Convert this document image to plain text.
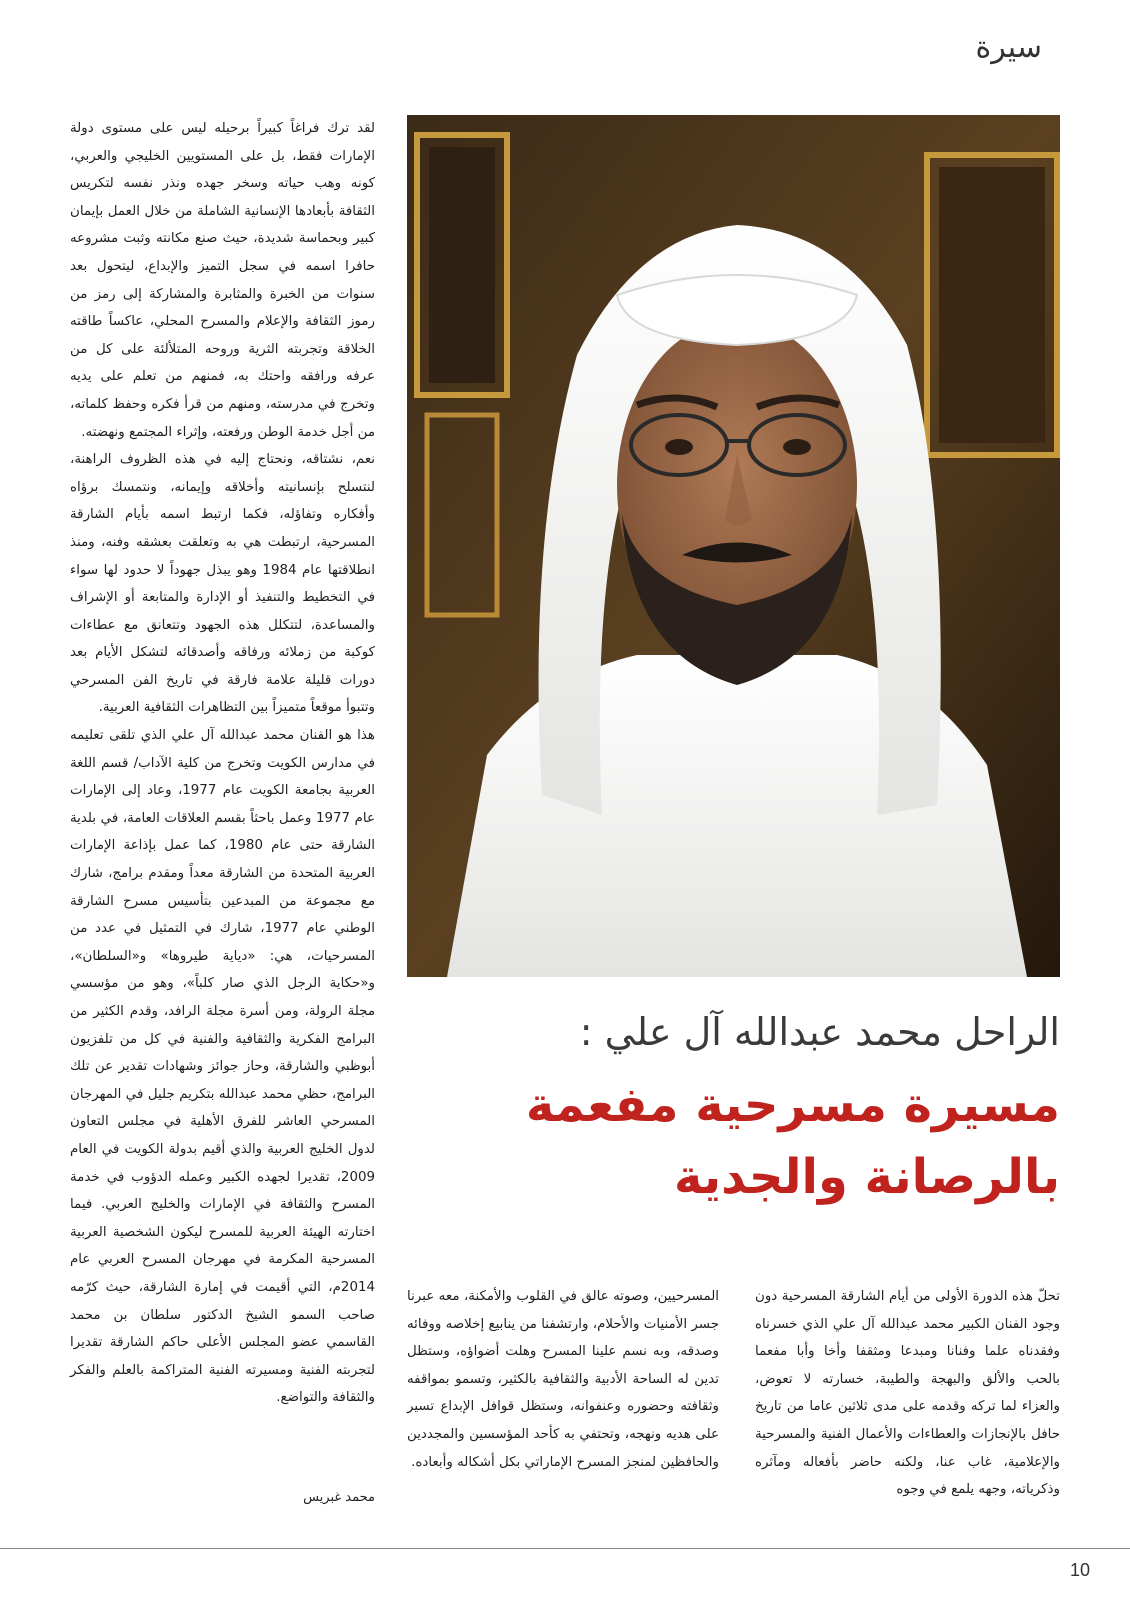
سيرة

لقد ترك فراغاً كبيراً برحيله ليس على مستوى دولة الإمارات فقط، بل على المستويين الخليجي والعربي، كونه وهب حياته وسخر جهده ونذر نفسه لتكريس الثقافة بأبعادها الإنسانية الشاملة من خلال العمل بإيمان كبير وبحماسة شديدة، حيث صنع مكانته وثبت مشروعه حافرا اسمه في سجل التميز والإبداع، ليتحول بعد سنوات من الخبرة والمثابرة والمشاركة إلى رمز من رموز الثقافة والإعلام والمسرح المحلي، عاكساً طاقته الخلاقة وتجربته الثرية وروحه المتلألئة على كل من عرفه ورافقه واحتك به، فمنهم من تعلم على يديه وتخرج في مدرسته، ومنهم من قرأ فكره وحفظ كلماته، من أجل خدمة الوطن ورفعته، وإثراء المجتمع ونهضته.

نعم، نشتاقه، ونحتاج إليه في هذه الظروف الراهنة، لنتسلح بإنسانيته وأخلاقه وإيمانه، ونتمسك برؤاه وأفكاره وتفاؤله، فكما ارتبط اسمه بأيام الشارقة المسرحية، ارتبطت هي به وتعلقت بعشقه وفنه، ومنذ انطلاقتها عام 1984 وهو يبذل جهوداً لا حدود لها سواء في التخطيط والتنفيذ أو الإدارة والمتابعة أو الإشراف والمساعدة، لتتكلل هذه الجهود وتتعانق مع عطاءات كوكبة من زملائه ورفاقه وأصدقائه لتشكل الأيام بعد دورات قليلة علامة فارقة في تاريخ الفن المسرحي وتتبوأ موقعاً متميزاً بين التظاهرات الثقافية العربية.

هذا هو الفنان محمد عبدالله آل علي الذي تلقى تعليمه في مدارس الكويت وتخرج من كلية الآداب/ قسم اللغة العربية بجامعة الكويت عام 1977، وعاد إلى الإمارات عام 1977 وعمل باحثاً بقسم العلاقات العامة، في بلدية الشارقة حتى عام 1980، كما عمل بإذاعة الإمارات العربية المتحدة من الشارقة معداً ومقدم برامج، شارك مع مجموعة من المبدعين بتأسيس مسرح الشارقة الوطني عام 1977، شارك في التمثيل في عدد من المسرحيات، هي: «دياية طيروها» و«السلطان»، و«حكاية الرجل الذي صار كلباً»، وهو من مؤسسي مجلة الرولة، ومن أسرة مجلة الرافد، وقدم الكثير من البرامج الفكرية والثقافية والفنية في كل من تلفزيون أبوظبي والشارقة، وحاز جوائز وشهادات تقدير عن تلك البرامج، حظي محمد عبدالله بتكريم جليل في المهرجان المسرحي العاشر للفرق الأهلية في مجلس التعاون لدول الخليج العربية والذي أقيم بدولة الكويت في العام 2009، تقديرا لجهده الكبير وعمله الدؤوب في خدمة المسرح والثقافة في الإمارات والخليج العربي. فيما اختارته الهيئة العربية للمسرح ليكون الشخصية العربية المسرحية المكرمة في مهرجان المسرح العربي عام 2014م، التي أقيمت في إمارة الشارقة، حيث كرّمه صاحب السمو الشيخ الدكتور سلطان بن محمد القاسمي عضو المجلس الأعلى حاكم الشارقة تقديرا لتجربته الفنية ومسيرته الفنية المتراكمة بالعلم والفكر والثقافة والتواضع.

محمد غبريس
الراحل محمد عبدالله آل علي :
مسيرة مسرحية مفعمة
بالرصانة والجدية

تحلّ هذه الدورة الأولى من أيام الشارقة المسرحية دون وجود الفنان الكبير محمد عبدالله آل علي الذي خسرناه وفقدناه علما وفنانا ومبدعا ومثقفا وأخا وأبا مفعما بالحب والألق والبهجة والطيبة، خسارته لا تعوض، والعزاء لما تركه وقدمه على مدى ثلاثين عاما من تاريخ حافل بالإنجازات والعطاءات والأعمال الفنية والمسرحية والإعلامية، غاب عنا، ولكنه حاضر بأفعاله ومآثره وذكرياته، وجهه يلمع في وجوه

المسرحيين، وصوته عالق في القلوب والأمكنة، معه عبرنا جسر الأمنيات والأحلام، وارتشفنا من ينابيع إخلاصه ووفائه وصدقه، وبه نسم علينا المسرح وهلت أضواؤه، وستظل تدين له الساحة الأدبية والثقافية بالكثير، وتسمو بمواقفه وثقافته وحضوره وعنفوانه، وستظل قوافل الإبداع تسير على هديه ونهجه، وتحتفي به كأحد المؤسسين والمجددين والحافظين لمنجز المسرح الإماراتي بكل أشكاله وأبعاده.

10
